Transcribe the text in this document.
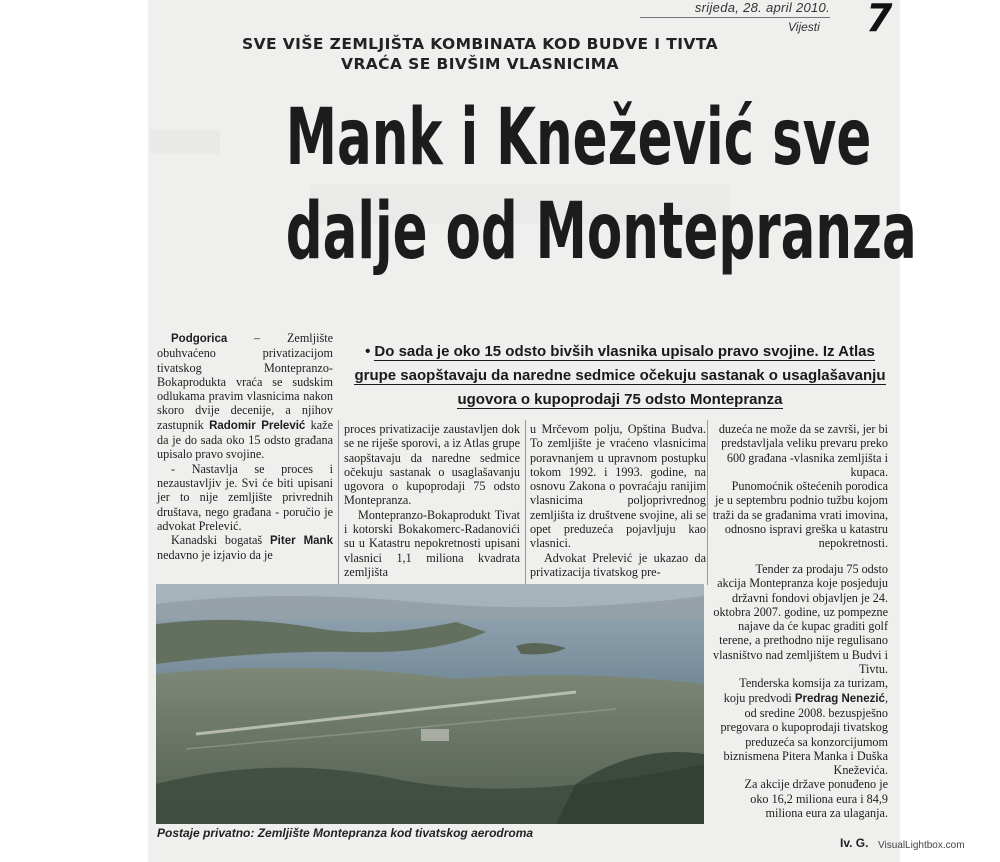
srijeda, 28. april 2010.
Vijesti 7
SVE VIŠE ZEMLJIŠTA KOMBINATA KOD BUDVE I TIVTA
VRAĆA SE BIVŠIM VLASNICIMA
Mank i Knežević sve
dalje od Montepranza
• Do sada je oko 15 odsto bivših vlasnika upisalo pravo svojine. Iz Atlas
grupe saopštavaju da naredne sedmice očekuju sastanak o usaglašavanju
ugovora o kupoprodaji 75 odsto Montepranza

Podgorica – Zemljište obuhvaćeno privatizacijom tivatskog Montepranzo-Bokaprodukta vraća se sudskim odlukama pravim vlasnicima nakon skoro dvije decenije, a njihov zastupnik Radomir Prelević kaže da je do sada oko 15 odsto građana upisalo pravo svojine.

- Nastavlja se proces i nezaustavljiv je. Svi će biti upisani jer to nije zemljište privrednih društava, nego građana - poručio je advokat Prelević.

Kanadski bogataš Piter Mank nedavno je izjavio da je

proces privatizacije zaustavljen dok se ne riješe sporovi, a iz Atlas grupe saopštavaju da naredne sedmice očekuju sastanak o usaglašavanju ugovora o kupoprodaji 75 odsto Montepranza.

Montepranzo-Bokaprodukt Tivat i kotorski Bokakomerc-Radanovići su u Katastru nepokretnosti upisani vlasnici 1,1 miliona kvadrata zemljišta

u Mrčevom polju, Opština Budva. To zemljište je vraćeno vlasnicima poravnanjem u upravnom postupku tokom 1992. i 1993. godine, na osnovu Zakona o povraćaju ranijim vlasnicima poljoprivrednog zemljišta iz društvene svojine, ali se opet preduzeća pojavljuju kao vlasnici.

Advokat Prelević je ukazao da privatizacija tivatskog pre-

duzeća ne može da se završi, jer bi predstavljala veliku prevaru preko 600 građana -vlasnika zemljišta i kupaca.

Punomoćnik oštećenih porodica je u septembru podnio tužbu kojom traži da se građanima vrati imovina, odnosno ispravi greška u katastru nepokretnosti.

Tender za prodaju 75 odsto akcija Montepranza koje posjeduju državni fondovi objavljen je 24. oktobra 2007. godine, uz pompezne najave da će kupac graditi golf terene, a prethodno nije regulisano vlasništvo nad zemljištem u Budvi i Tivtu.

Tenderska komsija za turizam, koju predvodi Predrag Nenezić, od sredine 2008. bezuspješno pregovara o kupoprodaji tivatskog preduzeća sa konzorcijumom biznismena Pitera Manka i Duška Kneževića.

Za akcije države ponuđeno je oko 16,2 miliona eura i 84,9 miliona eura za ulaganja.

Postaje privatno: Zemljište Montepranza kod tivatskog aerodroma
Iv. G. VisualLightbox.com
